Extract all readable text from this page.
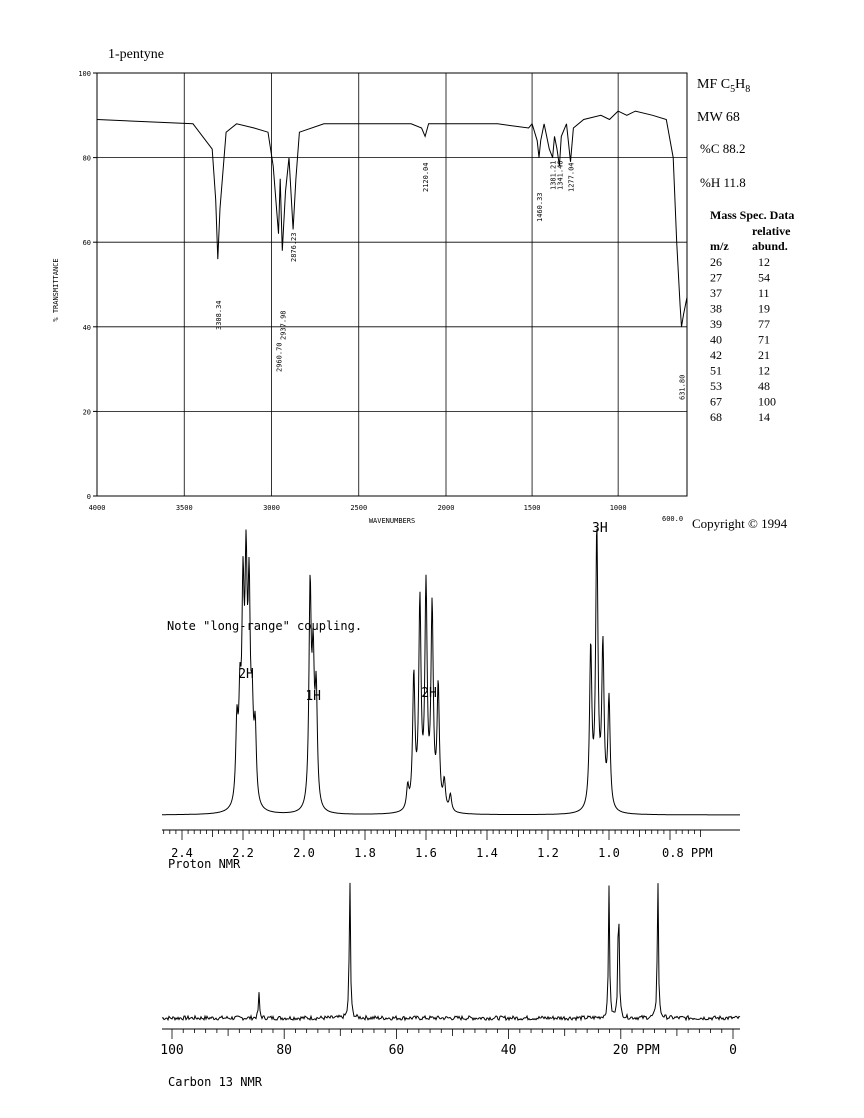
1-pentyne
100
80
60
40
20
0
4000	3500	3000	2500	2000	1500	1000
3308.34
2960.70
2937.98
2876.23
2120.04
1460.33
1381.21
1341.46 1277.04
631.80
% TRANSMITTANCE
WAVENUMBERS
MF $C_5H_8$
MW 68
%C 88.2
%H 11.8
Mass Spec. Data
relative
m/z abund.
26	12
27	54
37	11
38	19
39	77
40	71
42	21
51	12
53	48
67	100
68	14
600.0 Copyright © 1994
Note "long-range" coupling.
2H
1H	2H
3H
2.4	2.2	2.0	1.8	1.6	1.4	1.2	1.0	0.8 PPM
Proton NMR
100	80	60	40	20 PPM	0
Carbon 13 NMR
